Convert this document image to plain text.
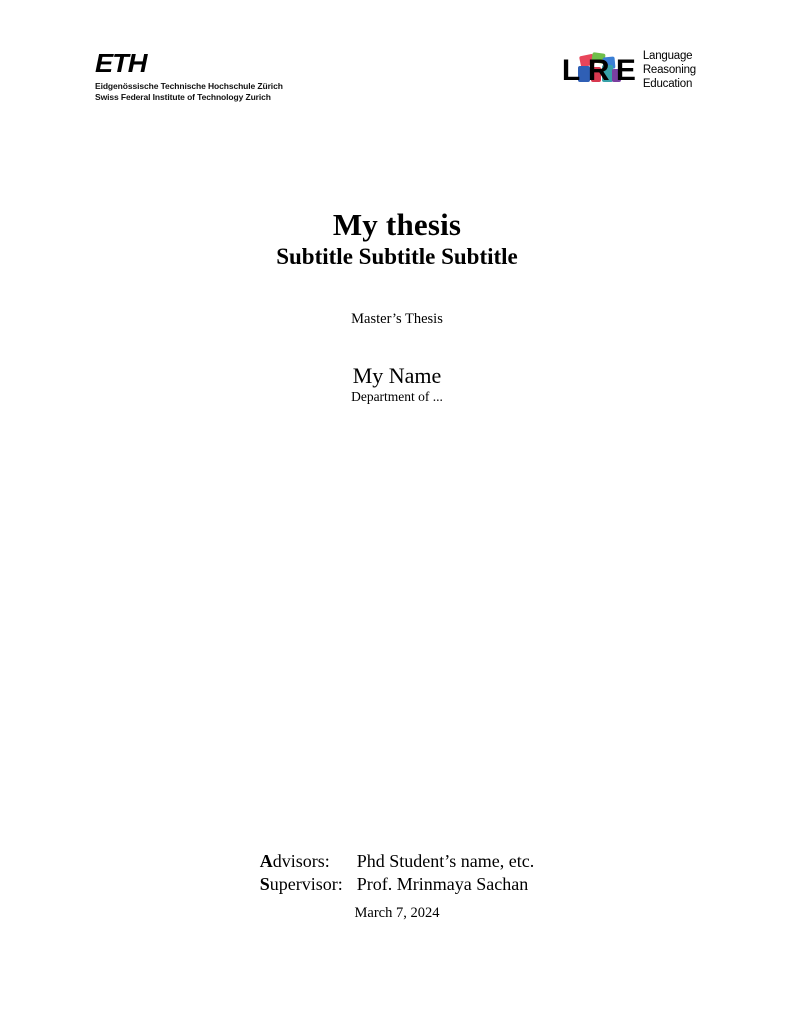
ETH
Eidgenössische Technische Hochschule Zürich
Swiss Federal Institute of Technology Zurich
L R E Language
Reasoning
Education
My thesis
Subtitle Subtitle Subtitle
Master’s Thesis
My Name
Department of ...
Advisors:	Phd Student’s name, etc.
Supervisor:	Prof. Mrinmaya Sachan
March 7, 2024
